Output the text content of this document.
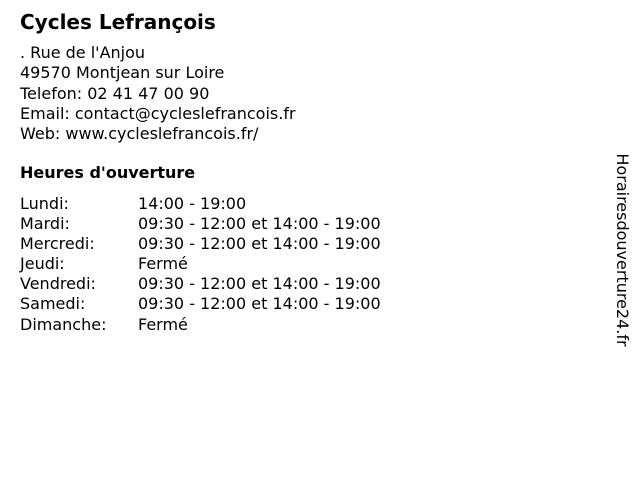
Cycles Lefrançois
. Rue de l'Anjou
49570 Montjean sur Loire
Telefon: 02 41 47 00 90
Email: contact@cycleslefrancois.fr
Web: www.cycleslefrancois.fr/
Heures d'ouverture
Lundi:	14:00 - 19:00
Mardi:	09:30 - 12:00 et 14:00 - 19:00
Mercredi:	09:30 - 12:00 et 14:00 - 19:00
Jeudi:	Fermé
Vendredi:	09:30 - 12:00 et 14:00 - 19:00
Samedi:	09:30 - 12:00 et 14:00 - 19:00
Dimanche:	Fermé	Horairesdouverture24.fr
